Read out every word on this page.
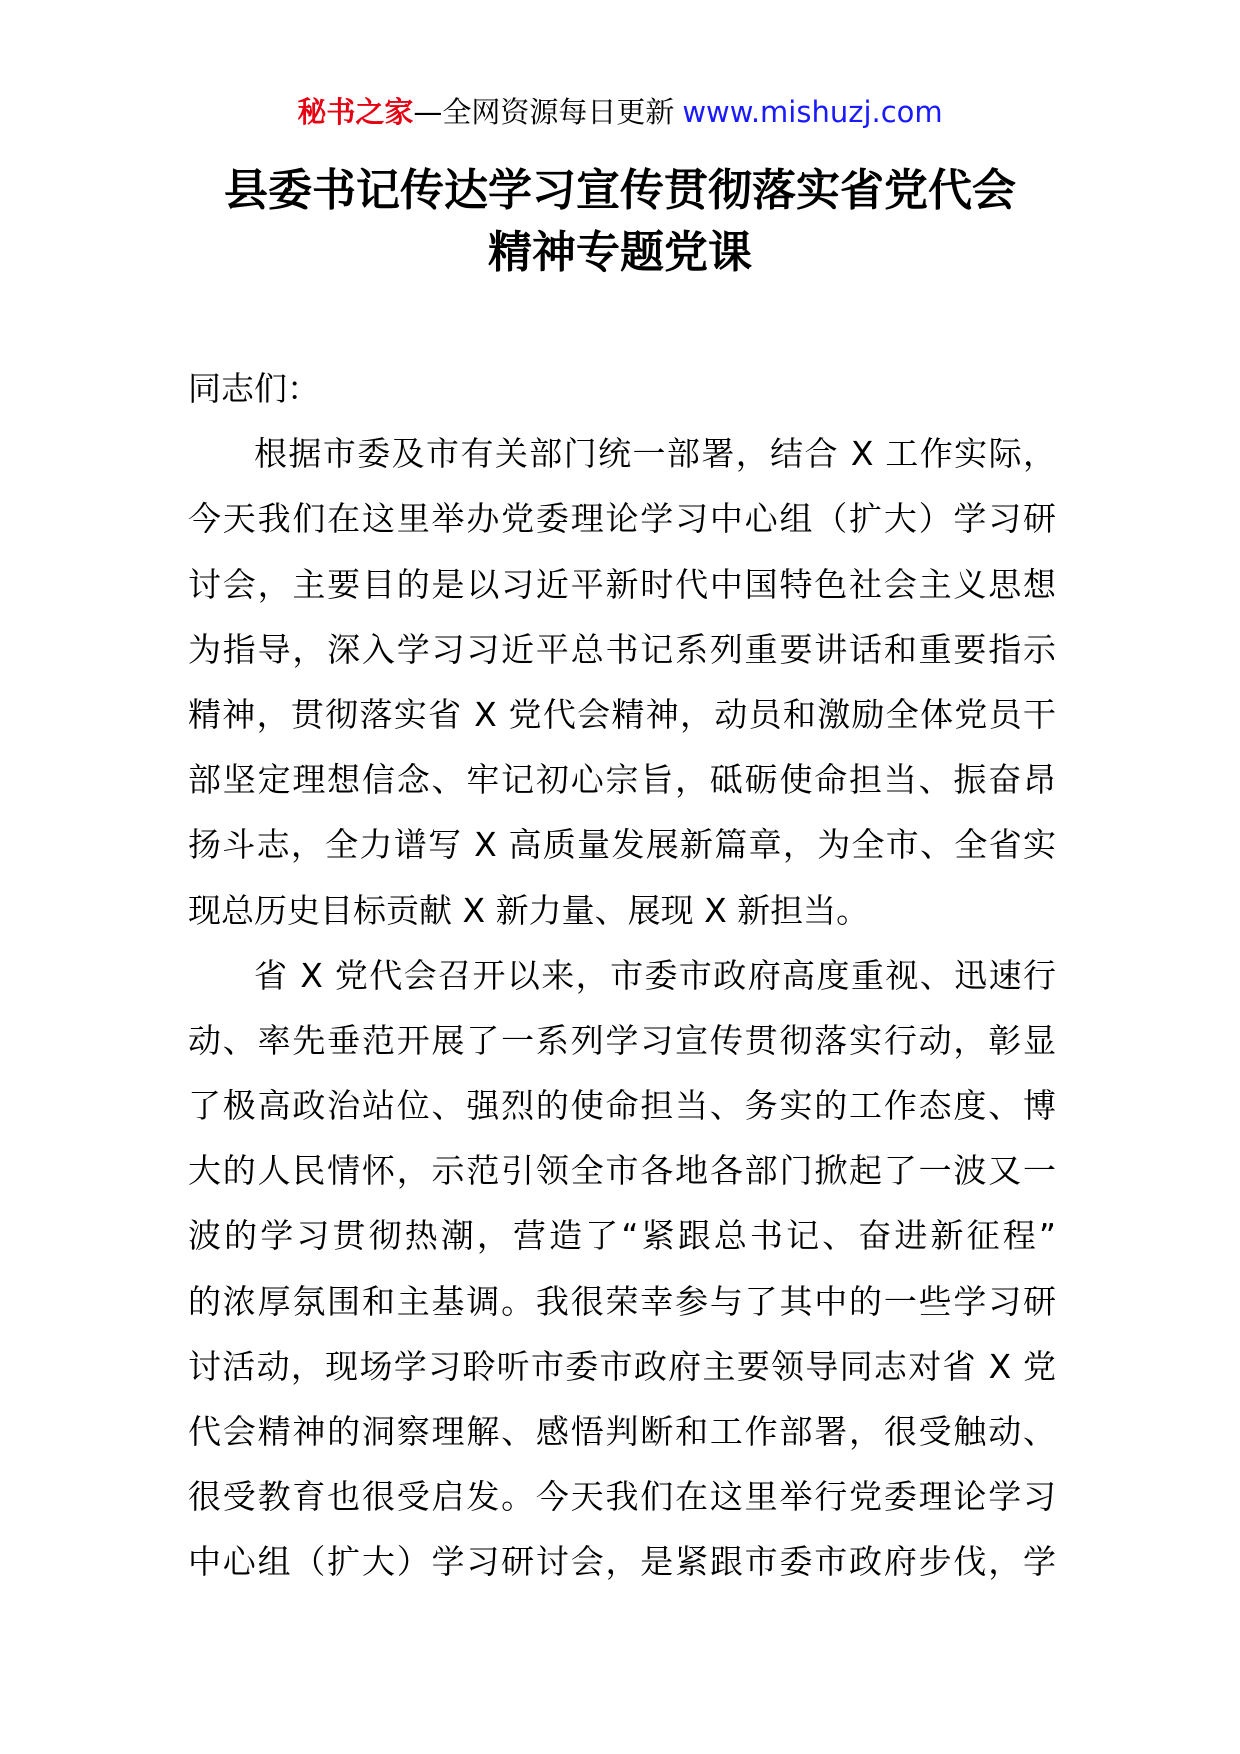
秘书之家—全网资源每日更新 www.mishuzj.com
县委书记传达学习宣传贯彻落实省党代会
精神专题党课
同志们：
根据市委及市有关部门统一部署，结合 X 工作实际，
今天我们在这里举办党委理论学习中心组（扩大）学习研
讨会，主要目的是以习近平新时代中国特色社会主义思想
为指导，深入学习习近平总书记系列重要讲话和重要指示
精神，贯彻落实省 X 党代会精神，动员和激励全体党员干
部坚定理想信念、牢记初心宗旨，砥砺使命担当、振奋昂
扬斗志，全力谱写 X 高质量发展新篇章，为全市、全省实
现总历史目标贡献 X 新力量、展现 X 新担当。
省 X 党代会召开以来，市委市政府高度重视、迅速行
动、率先垂范开展了一系列学习宣传贯彻落实行动，彰显
了极高政治站位、强烈的使命担当、务实的工作态度、博
大的人民情怀，示范引领全市各地各部门掀起了一波又一
波的学习贯彻热潮，营造了“紧跟总书记、奋进新征程”
的浓厚氛围和主基调。我很荣幸参与了其中的一些学习研
讨活动，现场学习聆听市委市政府主要领导同志对省 X 党
代会精神的洞察理解、感悟判断和工作部署，很受触动、
很受教育也很受启发。今天我们在这里举行党委理论学习
中心组（扩大）学习研讨会，是紧跟市委市政府步伐，学
